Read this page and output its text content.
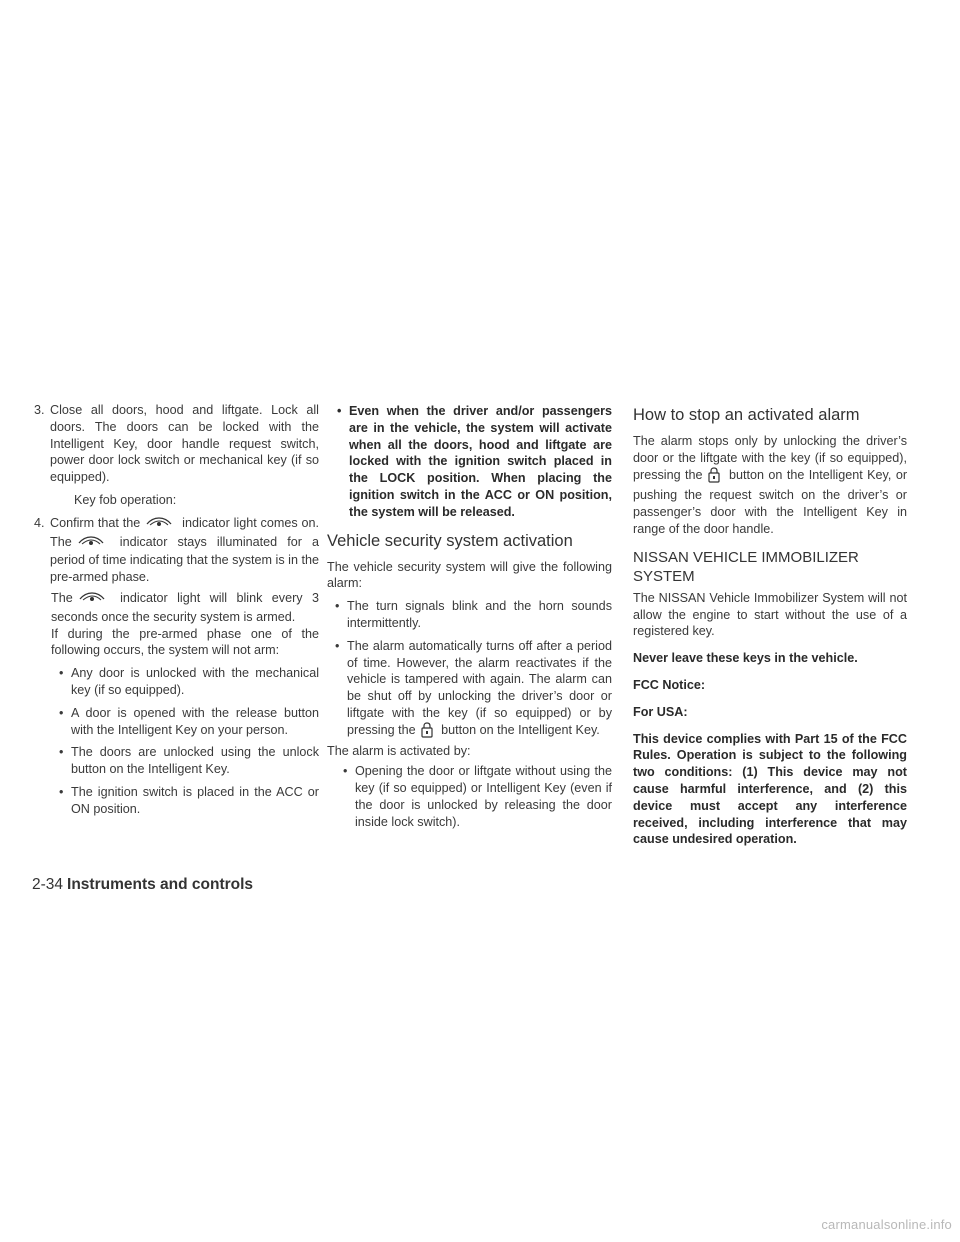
3. Close all doors, hood and liftgate. Lock all doors. The doors can be locked with the Intelligent Key, door handle request switch, power door lock switch or mechanical key (if so equipped).

Key fob operation:

4. Confirm that the	indicator light comes on. The	indicator stays illuminated for a period of time indicating that the system is in the pre-armed phase.

The	indicator light will blink every 3 seconds once the security system is armed.

If during the pre-armed phase one of the following occurs, the system will not arm:

• Any door is unlocked with the mechanical key (if so equipped).
• A door is opened with the release button with the Intelligent Key on your person.
• The doors are unlocked using the unlock button on the Intelligent Key.
• The ignition switch is placed in the ACC or ON position.
• Even when the driver and/or passengers are in the vehicle, the system will activate when all the doors, hood and liftgate are locked with the ignition switch placed in the LOCK position. When placing the ignition switch in the ACC or ON position, the system will be released.
Vehicle security system activation

The vehicle security system will give the following alarm:

• The turn signals blink and the horn sounds intermittently.
• The alarm automatically turns off after a period of time. However, the alarm reactivates if the vehicle is tampered with again. The alarm can be shut off by unlocking the driver’s door or liftgate with the key (if so equipped) or by pressing the button on the Intelligent Key.

The alarm is activated by:

• Opening the door or liftgate without using the key (if so equipped) or Intelligent Key (even if the door is unlocked by releasing the door inside lock switch).
How to stop an activated alarm

The alarm stops only by unlocking the driver’s door or the liftgate with the key (if so equipped), pressing the button on the Intelligent Key, or pushing the request switch on the driver’s or passenger’s door with the Intelligent Key in range of the door handle.

NISSAN VEHICLE IMMOBILIZER
SYSTEM

The NISSAN Vehicle Immobilizer System will not allow the engine to start without the use of a registered key.

Never leave these keys in the vehicle.

FCC Notice:

For USA:

This device complies with Part 15 of the FCC Rules. Operation is subject to the following two conditions: (1) This device may not cause harmful interference, and (2) this device must accept any interference received, including interference that may cause undesired operation.

2-34 Instruments and controls
carmanualsonline.info
